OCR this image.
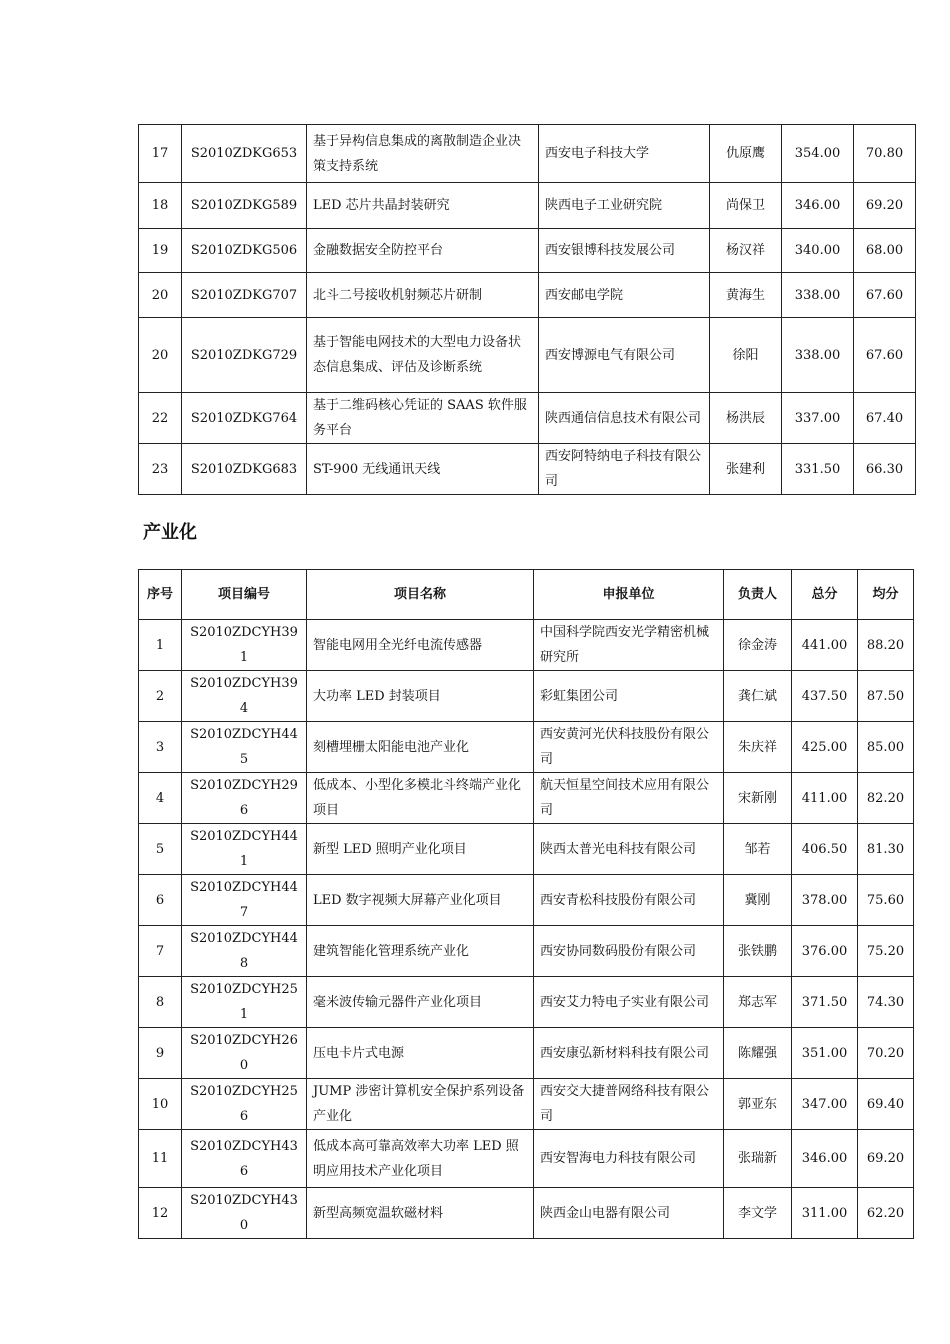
17	S2010ZDKG653	基于异构信息集成的离散制造企业决策支持系统	西安电子科技大学	仇原鹰	354.00	70.80
18	S2010ZDKG589	LED 芯片共晶封装研究	陕西电子工业研究院	尚保卫	346.00	69.20
19	S2010ZDKG506	金融数据安全防控平台	西安银博科技发展公司	杨汉祥	340.00	68.00
20	S2010ZDKG707	北斗二号接收机射频芯片研制	西安邮电学院	黄海生	338.00	67.60
20	S2010ZDKG729	基于智能电网技术的大型电力设备状态信息集成、评估及诊断系统	西安博源电气有限公司	徐阳	338.00	67.60
22	S2010ZDKG764	基于二维码核心凭证的 SAAS 软件服务平台	陕西通信信息技术有限公司	杨洪辰	337.00	67.40
23	S2010ZDKG683	ST-900 无线通讯天线	西安阿特纳电子科技有限公司	张建利	331.50	66.30
产业化
序号	项目编号	项目名称	申报单位	负责人	总分	均分
1	S2010ZDCYH391	智能电网用全光纤电流传感器	中国科学院西安光学精密机械研究所	徐金涛	441.00	88.20
2	S2010ZDCYH394	大功率 LED 封装项目	彩虹集团公司	龚仁斌	437.50	87.50
3	S2010ZDCYH445	刻槽埋栅太阳能电池产业化	西安黄河光伏科技股份有限公司	朱庆祥	425.00	85.00
4	S2010ZDCYH296	低成本、小型化多模北斗终端产业化项目	航天恒星空间技术应用有限公司	宋新刚	411.00	82.20
5	S2010ZDCYH441	新型 LED 照明产业化项目	陕西太普光电科技有限公司	邹若	406.50	81.30
6	S2010ZDCYH447	LED 数字视频大屏幕产业化项目	西安青松科技股份有限公司	冀刚	378.00	75.60
7	S2010ZDCYH448	建筑智能化管理系统产业化	西安协同数码股份有限公司	张铁鹏	376.00	75.20
8	S2010ZDCYH251	毫米波传输元器件产业化项目	西安艾力特电子实业有限公司	郑志军	371.50	74.30
9	S2010ZDCYH260	压电卡片式电源	西安康弘新材料科技有限公司	陈耀强	351.00	70.20
10	S2010ZDCYH256	JUMP 涉密计算机安全保护系列设备产业化	西安交大捷普网络科技有限公司	郭亚东	347.00	69.40
11	S2010ZDCYH436	低成本高可靠高效率大功率 LED 照明应用技术产业化项目	西安智海电力科技有限公司	张瑞新	346.00	69.20
12	S2010ZDCYH430	新型高频宽温软磁材料	陕西金山电器有限公司	李文学	311.00	62.20
